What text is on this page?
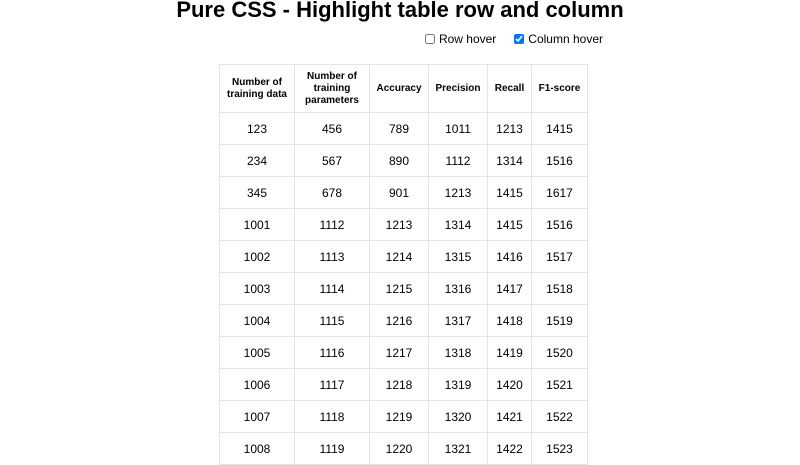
Pure CSS - Highlight table row and column
Row hover	Column hover
Number of training data	Number of training parameters	Accuracy	Precision	Recall	F1-score
123	456	789	1011	1213	1415
234	567	890	1112	1314	1516
345	678	901	1213	1415	1617
1001	1112	1213	1314	1415	1516
1002	1113	1214	1315	1416	1517
1003	1114	1215	1316	1417	1518
1004	1115	1216	1317	1418	1519
1005	1116	1217	1318	1419	1520
1006	1117	1218	1319	1420	1521
1007	1118	1219	1320	1421	1522
1008	1119	1220	1321	1422	1523
